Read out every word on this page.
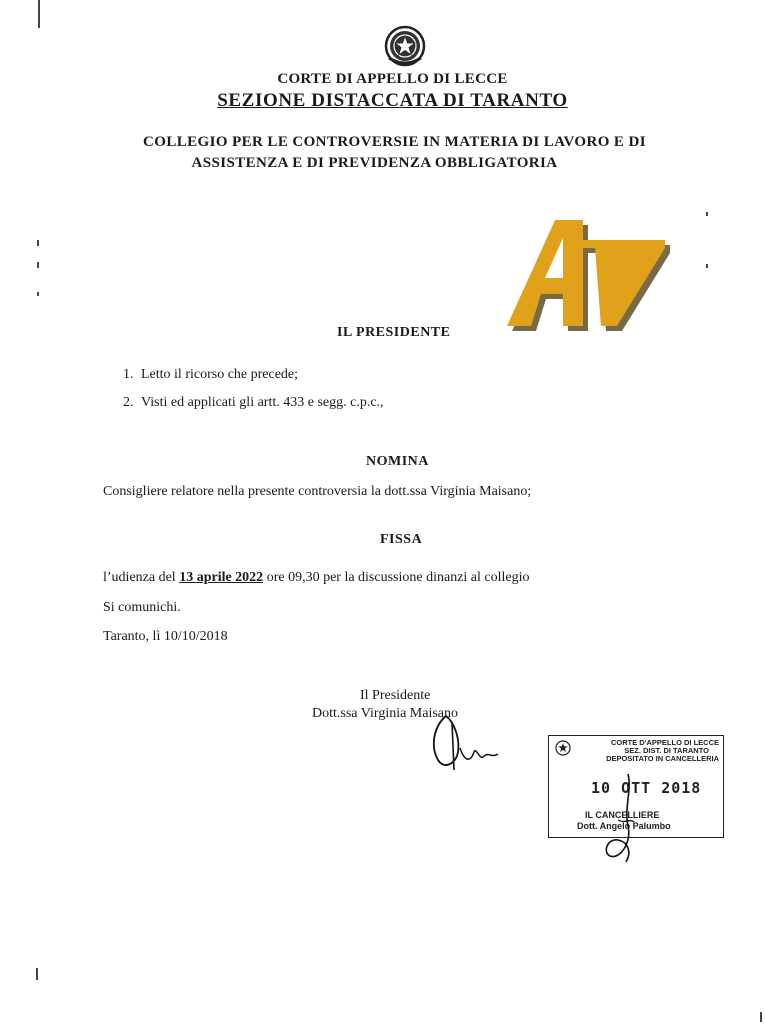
CORTE DI APPELLO DI LECCE
SEZIONE DISTACCATA DI TARANTO
COLLEGIO PER LE CONTROVERSIE IN MATERIA DI LAVORO E DI
ASSISTENZA E DI PREVIDENZA OBBLIGATORIA
IL PRESIDENTE
1. Letto il ricorso che precede;
2. Visti ed applicati gli artt. 433 e segg. c.p.c.,
NOMINA
Consigliere relatore nella presente controversia la dott.ssa Virginia Maisano;
FISSA
l’udienza del 13 aprile 2022 ore 09,30 per la discussione dinanzi al collegio
Si comunichi.
Taranto, lì 10/10/2018
Il Presidente
Dott.ssa Virginia Maisano
CORTE D'APPELLO DI LECCE
SEZ. DIST. DI TARANTO
DEPOSITATO IN CANCELLERIA
10 OTT 2018
IL CANCELLIERE
Dott. Angelo Palumbo
